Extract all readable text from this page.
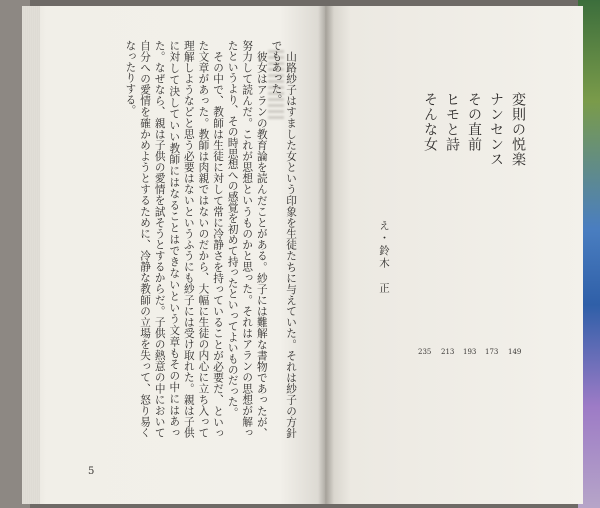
山路紗子はすました女という印象を生徒たちに与えていた。それは紗子の方針でもあった。

彼女はアランの教育論を読んだことがある。紗子には難解な書物であったが、努力して読んだ。これが思想というものかと思った。それはアランの思想が解ったというより、その時思想への感覚を初めて持ったといってよいものだった。

その中で、教師は生徒に対して常に冷静さを持っていることが必要だ、といった文章があった。教師は肉親ではないのだから、大幅に生徒の内心に立ち入って理解しようなどと思う必要はないというふうにも紗子には受け取れた。親は子供に対して決していい教師にはなることはできないという文章もその中にはあった。なぜなら、親は子供の愛情を試そうとするからだ。子供の熱意の中において自分への愛情を確かめようとするために、冷静な教師の立場を失って、怒り易くなったりする。

5
変則の悦楽
ナンセンス
その直前
ヒモと詩
そんな女
149
173
193
213
235
え・鈴木　正
